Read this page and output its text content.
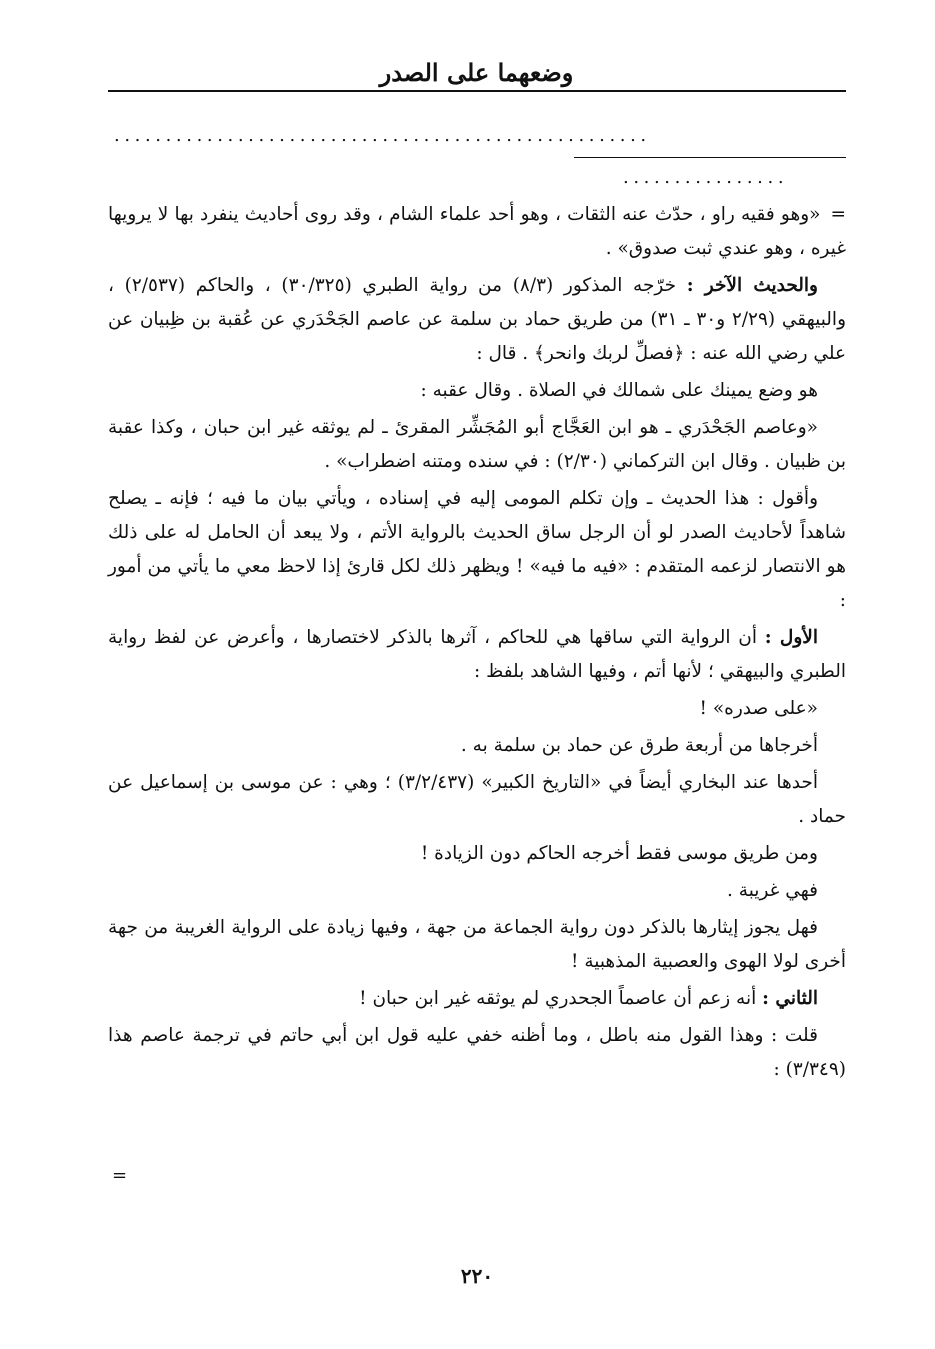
وضعهما على الصدر
....................................................
................

=«وهو فقيه راو ، حدّث عنه الثقات ، وهو أحد علماء الشام ، وقد روى أحاديث ينفرد بها لا يرويها غيره ، وهو عندي ثبت صدوق» .

والحديث الآخر : خرّجه المذكور (٨/٣) من رواية الطبري (٣٠/٣٢٥) ، والحاكم (٢/٥٣٧) ، والبيهقي (٢/٢٩ و٣٠ ـ ٣١) من طريق حماد بن سلمة عن عاصم الجَحْدَري عن عُقبة بن ظِبيان عن علي رضي الله عنه : ﴿فصلِّ لربك وانحر﴾ . قال :

هو وضع يمينك على شمالك في الصلاة . وقال عقبه :

«وعاصم الجَحْدَري ـ هو ابن العَجَّاج أبو المُجَشِّر المقرئ ـ لم يوثقه غير ابن حبان ، وكذا عقبة بن ظبيان . وقال ابن التركماني (٢/٣٠) : في سنده ومتنه اضطراب» .

وأقول : هذا الحديث ـ وإن تكلم المومى إليه في إسناده ، ويأتي بيان ما فيه ؛ فإنه ـ يصلح شاهداً لأحاديث الصدر لو أن الرجل ساق الحديث بالرواية الأتم ، ولا يبعد أن الحامل له على ذلك هو الانتصار لزعمه المتقدم : «فيه ما فيه» ! ويظهر ذلك لكل قارئ إذا لاحظ معي ما يأتي من أمور :

الأول : أن الرواية التي ساقها هي للحاكم ، آثرها بالذكر لاختصارها ، وأعرض عن لفظ رواية الطبري والبيهقي ؛ لأنها أتم ، وفيها الشاهد بلفظ :

«على صدره» !

أخرجاها من أربعة طرق عن حماد بن سلمة به .

أحدها عند البخاري أيضاً في «التاريخ الكبير» (٣/٢/٤٣٧) ؛ وهي : عن موسى بن إسماعيل عن حماد .

ومن طريق موسى فقط أخرجه الحاكم دون الزيادة !

فهي غريبة .

فهل يجوز إيثارها بالذكر دون رواية الجماعة من جهة ، وفيها زيادة على الرواية الغريبة من جهة أخرى لولا الهوى والعصبية المذهبية !

الثاني : أنه زعم أن عاصماً الجحدري لم يوثقه غير ابن حبان !

قلت : وهذا القول منه باطل ، وما أظنه خفي عليه قول ابن أبي حاتم في ترجمة عاصم هذا (٣/٣٤٩) :

=
٢٢٠
